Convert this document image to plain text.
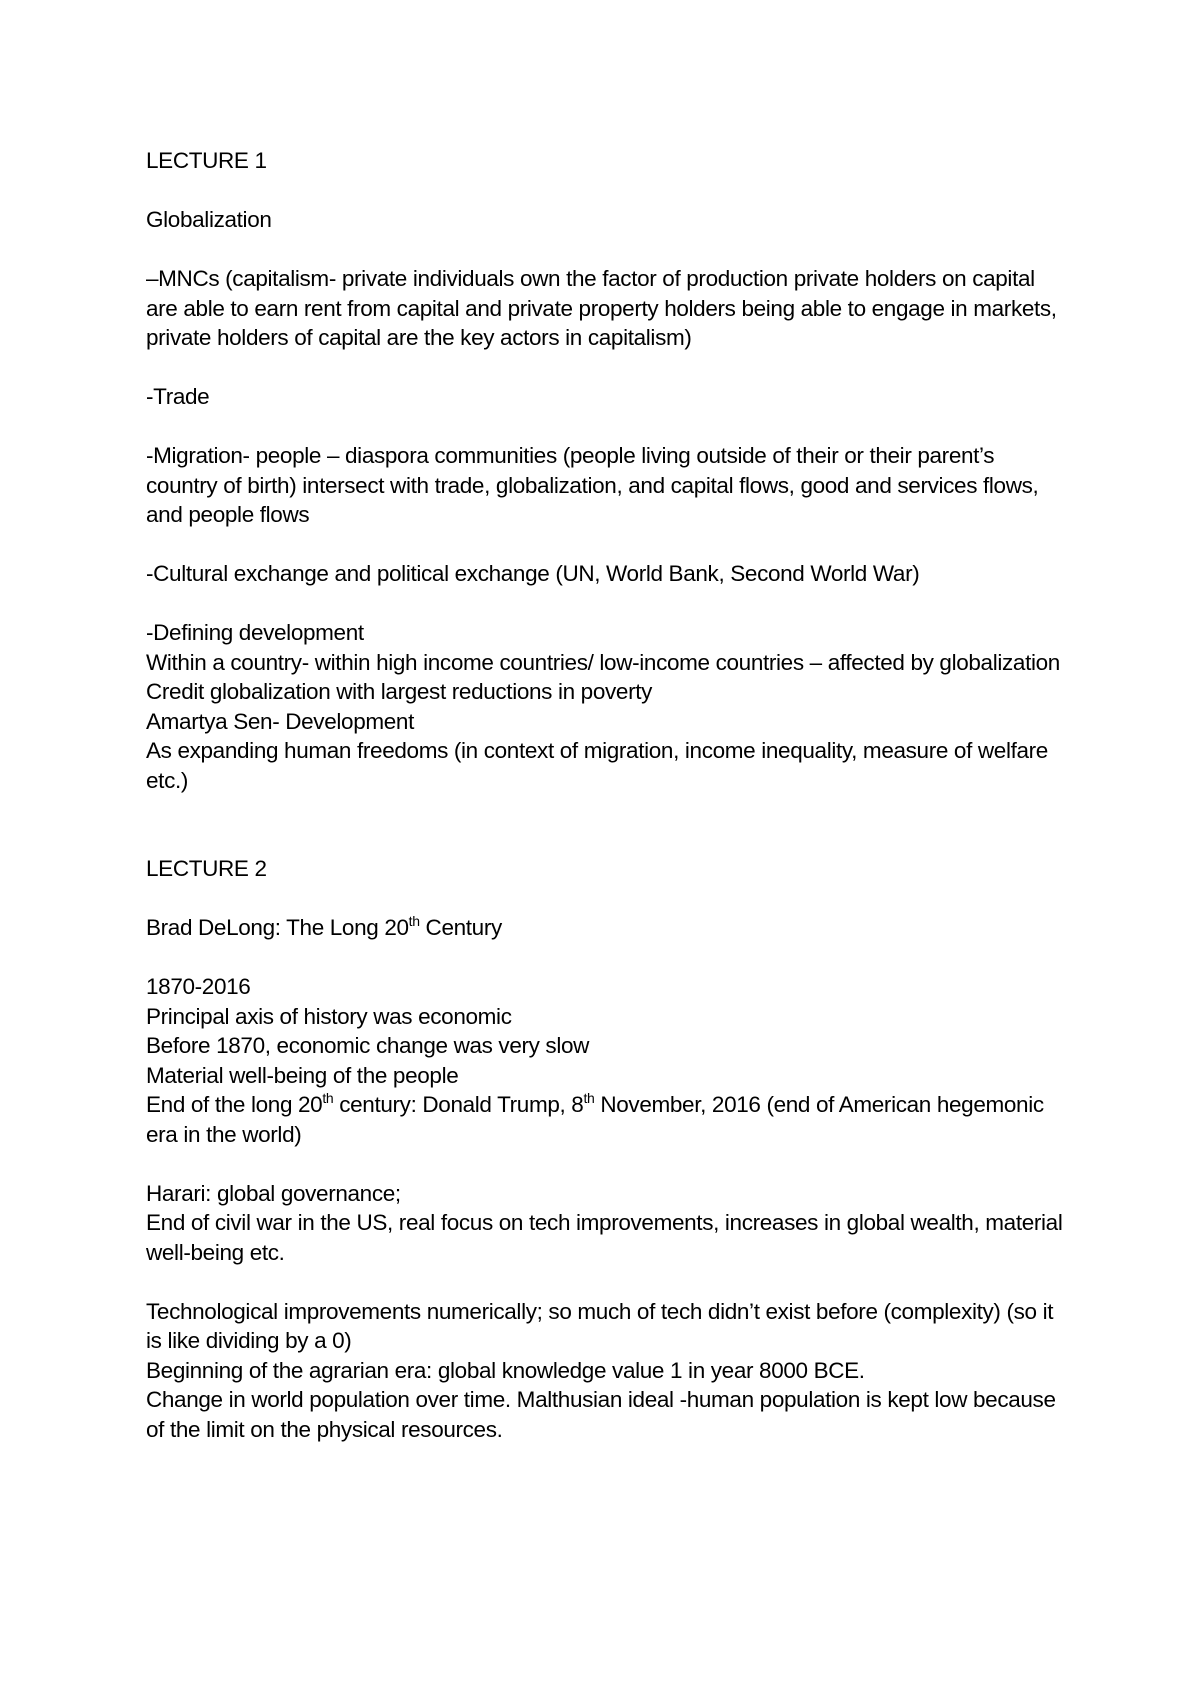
LECTURE 1

Globalization

–MNCs (capitalism- private individuals own the factor of production private holders on capital are able to earn rent from capital and private property holders being able to engage in markets, private holders of capital are the key actors in capitalism)

-Trade

-Migration- people – diaspora communities (people living outside of their or their parent’s country of birth) intersect with trade, globalization, and capital flows, good and services flows, and people flows

-Cultural exchange and political exchange (UN, World Bank, Second World War)

-Defining development
Within a country- within high income countries/ low-income countries – affected by globalization
Credit globalization with largest reductions in poverty
Amartya Sen- Development
As expanding human freedoms (in context of migration, income inequality, measure of welfare etc.)

LECTURE 2

Brad DeLong: The Long 20th Century

1870-2016
Principal axis of history was economic
Before 1870, economic change was very slow
Material well-being of the people
End of the long 20th century: Donald Trump, 8th November, 2016 (end of American hegemonic era in the world)

Harari: global governance;
End of civil war in the US, real focus on tech improvements, increases in global wealth, material well-being etc.

Technological improvements numerically; so much of tech didn’t exist before (complexity) (so it is like dividing by a 0)
Beginning of the agrarian era: global knowledge value 1 in year 8000 BCE.
Change in world population over time. Malthusian ideal -human population is kept low because of the limit on the physical resources.
